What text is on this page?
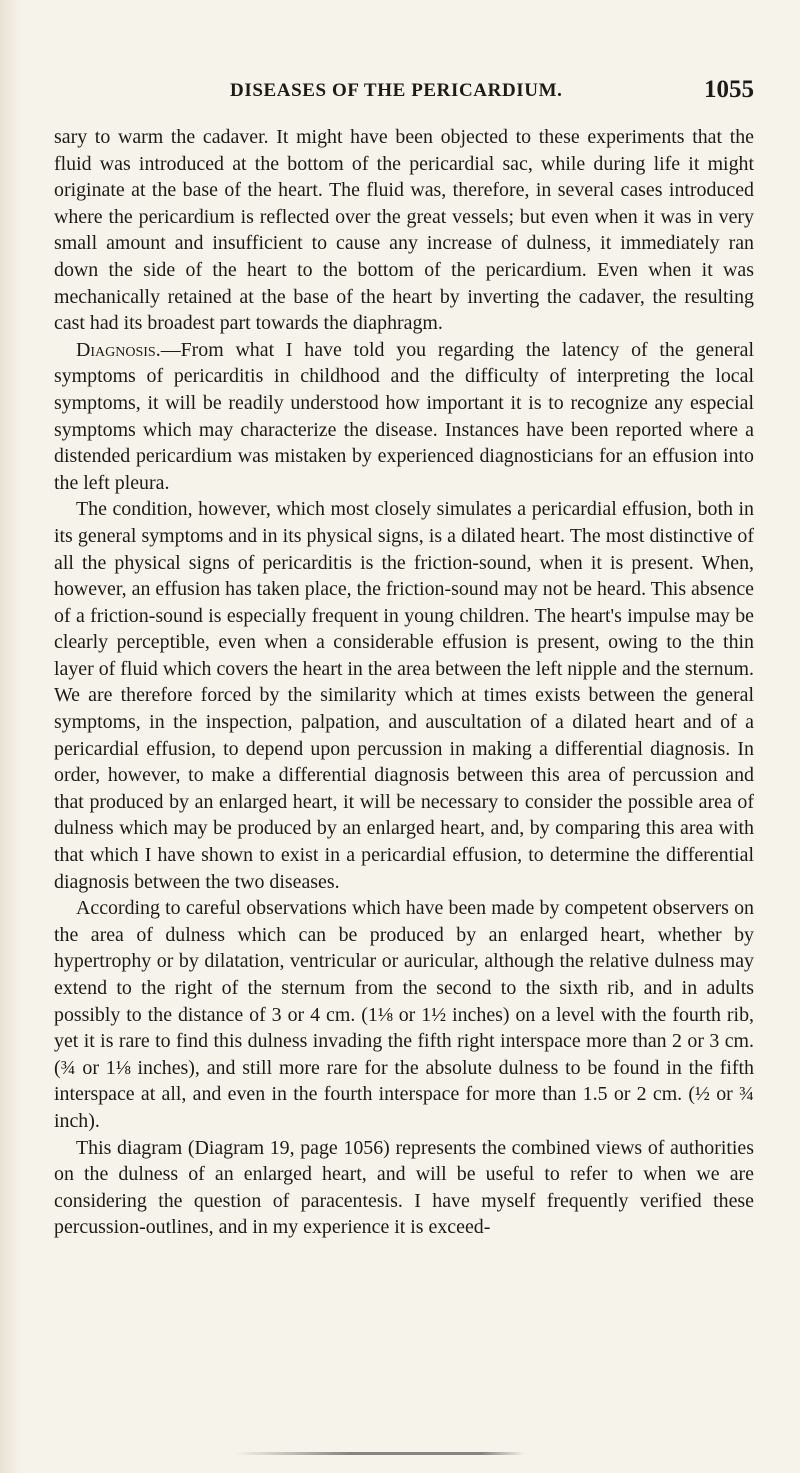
DISEASES OF THE PERICARDIUM.	1055

sary to warm the cadaver. It might have been objected to these experiments that the fluid was introduced at the bottom of the pericardial sac, while during life it might originate at the base of the heart. The fluid was, therefore, in several cases introduced where the pericardium is reflected over the great vessels; but even when it was in very small amount and insufficient to cause any increase of dulness, it immediately ran down the side of the heart to the bottom of the pericardium. Even when it was mechanically retained at the base of the heart by inverting the cadaver, the resulting cast had its broadest part towards the diaphragm.

Diagnosis.—From what I have told you regarding the latency of the general symptoms of pericarditis in childhood and the difficulty of interpreting the local symptoms, it will be readily understood how important it is to recognize any especial symptoms which may characterize the disease. Instances have been reported where a distended pericardium was mistaken by experienced diagnosticians for an effusion into the left pleura.

The condition, however, which most closely simulates a pericardial effusion, both in its general symptoms and in its physical signs, is a dilated heart. The most distinctive of all the physical signs of pericarditis is the friction-sound, when it is present. When, however, an effusion has taken place, the friction-sound may not be heard. This absence of a friction-sound is especially frequent in young children. The heart's impulse may be clearly perceptible, even when a considerable effusion is present, owing to the thin layer of fluid which covers the heart in the area between the left nipple and the sternum. We are therefore forced by the similarity which at times exists between the general symptoms, in the inspection, palpation, and auscultation of a dilated heart and of a pericardial effusion, to depend upon percussion in making a differential diagnosis. In order, however, to make a differential diagnosis between this area of percussion and that produced by an enlarged heart, it will be necessary to consider the possible area of dulness which may be produced by an enlarged heart, and, by comparing this area with that which I have shown to exist in a pericardial effusion, to determine the differential diagnosis between the two diseases.

According to careful observations which have been made by competent observers on the area of dulness which can be produced by an enlarged heart, whether by hypertrophy or by dilatation, ventricular or auricular, although the relative dulness may extend to the right of the sternum from the second to the sixth rib, and in adults possibly to the distance of 3 or 4 cm. (1⅛ or 1½ inches) on a level with the fourth rib, yet it is rare to find this dulness invading the fifth right interspace more than 2 or 3 cm. (¾ or 1⅛ inches), and still more rare for the absolute dulness to be found in the fifth interspace at all, and even in the fourth interspace for more than 1.5 or 2 cm. (½ or ¾ inch).

This diagram (Diagram 19, page 1056) represents the combined views of authorities on the dulness of an enlarged heart, and will be useful to refer to when we are considering the question of paracentesis. I have myself frequently verified these percussion-outlines, and in my experience it is exceed-
